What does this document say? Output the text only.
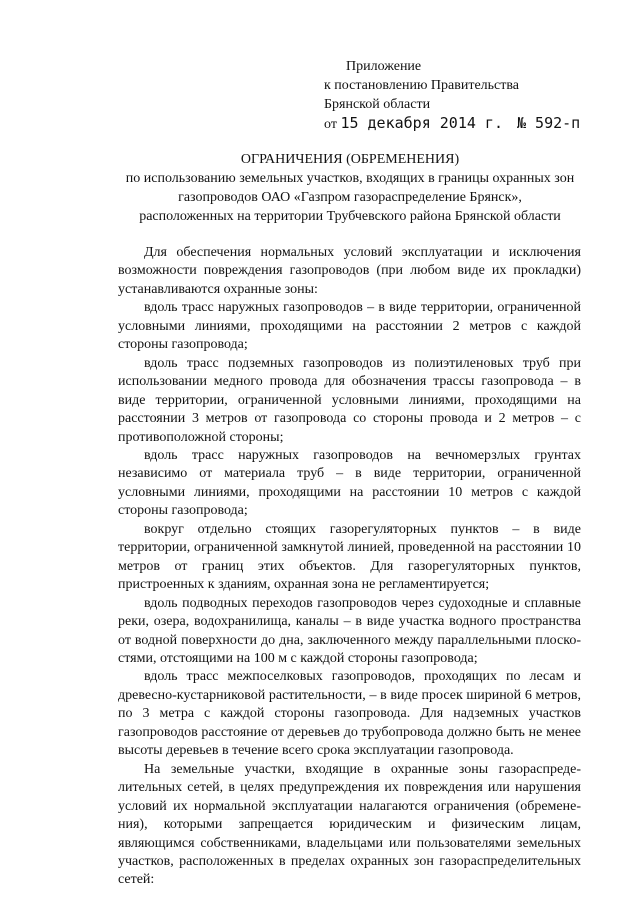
Приложение
к постановлению Правительства
Брянской области
от 15 декабря 2014 г. № 592-п
ОГРАНИЧЕНИЯ (ОБРЕМЕНЕНИЯ)
по использованию земельных участков, входящих в границы охранных зон
газопроводов ОАО «Газпром газораспределение Брянск»,
расположенных на территории Трубчевского района Брянской области

Для обеспечения нормальных условий эксплуатации и исключения возможности повреждения газопроводов (при любом виде их прокладки) устанавливаются охранные зоны:

вдоль трасс наружных газопроводов – в виде территории, ограниченной условными линиями, проходящими на расстоянии 2 метров с каждой стороны газопровода;

вдоль трасс подземных газопроводов из полиэтиленовых труб при использовании медного провода для обозначения трассы газопровода – в виде территории, ограниченной условными линиями, проходящими на расстоянии 3 метров от газопровода со стороны провода и 2 метров – с противоположной стороны;

вдоль трасс наружных газопроводов на вечномерзлых грунтах независимо от материала труб – в виде территории, ограниченной условными линиями, проходящими на расстоянии 10 метров с каждой стороны газопровода;

вокруг отдельно стоящих газорегуляторных пунктов – в виде территории, ограниченной замкнутой линией, проведенной на расстоянии 10 метров от границ этих объектов. Для газорегуляторных пунктов, пристроенных к зданиям, охранная зона не регламентируется;

вдоль подводных переходов газопроводов через судоходные и сплавные реки, озера, водохранилища, каналы – в виде участка водного пространства от водной поверхности до дна, заключенного между параллельными плоско-стями, отстоящими на 100 м с каждой стороны газопровода;

вдоль трасс межпоселковых газопроводов, проходящих по лесам и древесно-кустарниковой растительности, – в виде просек шириной 6 метров, по 3 метра с каждой стороны газопровода. Для надземных участков газопроводов расстояние от деревьев до трубопровода должно быть не менее высоты деревьев в течение всего срока эксплуатации газопровода.

На земельные участки, входящие в охранные зоны газораспреде-лительных сетей, в целях предупреждения их повреждения или нарушения условий их нормальной эксплуатации налагаются ограничения (обремене-ния), которыми запрещается юридическим и физическим лицам, являющимся собственниками, владельцами или пользователями земельных участков, расположенных в пределах охранных зон газораспределительных сетей:
